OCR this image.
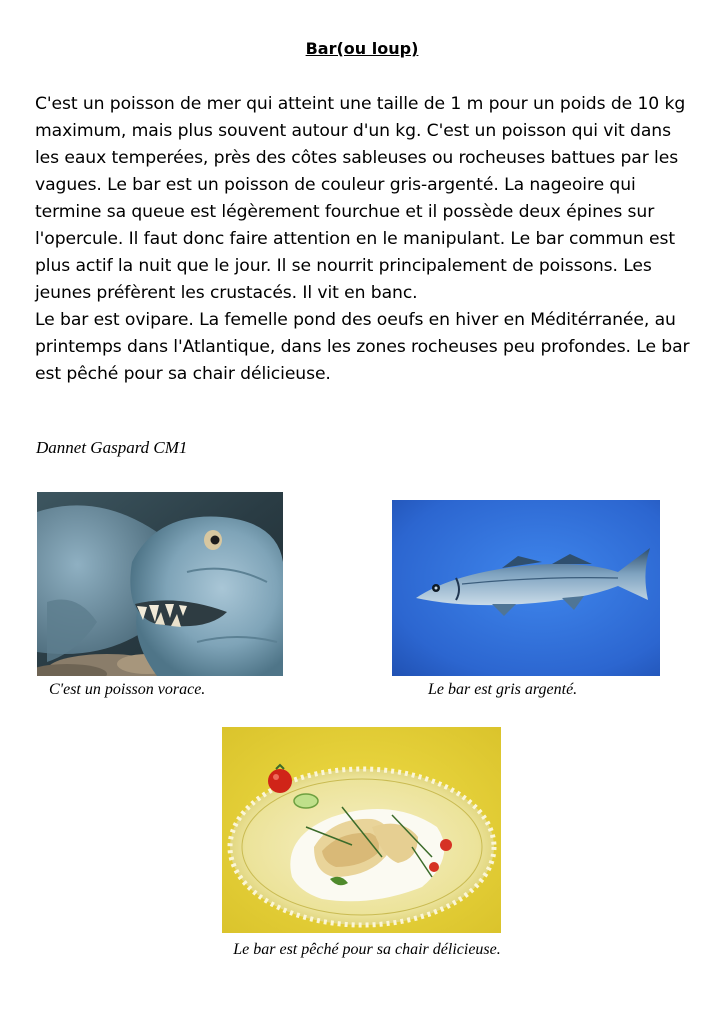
Bar(ou loup)

C'est un poisson de mer qui atteint une taille de 1 m pour un poids de 10 kg maximum, mais plus souvent autour d'un kg. C'est un poisson qui vit dans les eaux temperées, près des côtes sableuses ou rocheuses battues par les vagues. Le bar est un poisson de couleur gris-argenté. La nageoire qui termine sa queue est légèrement fourchue et il possède deux épines sur l'opercule. Il faut donc faire attention en le manipulant. Le bar commun est plus actif la nuit que le jour. Il se nourrit principalement de poissons. Les jeunes préfèrent les crustacés. Il vit en banc.

Le bar est ovipare. La femelle pond des oeufs en hiver en Méditérranée, au printemps dans l'Atlantique, dans les zones rocheuses peu profondes. Le bar est pêché pour sa chair délicieuse.

Dannet Gaspard CM1
C'est un poisson vorace.	Le bar est gris argenté.
Le bar est pêché pour sa chair délicieuse.
